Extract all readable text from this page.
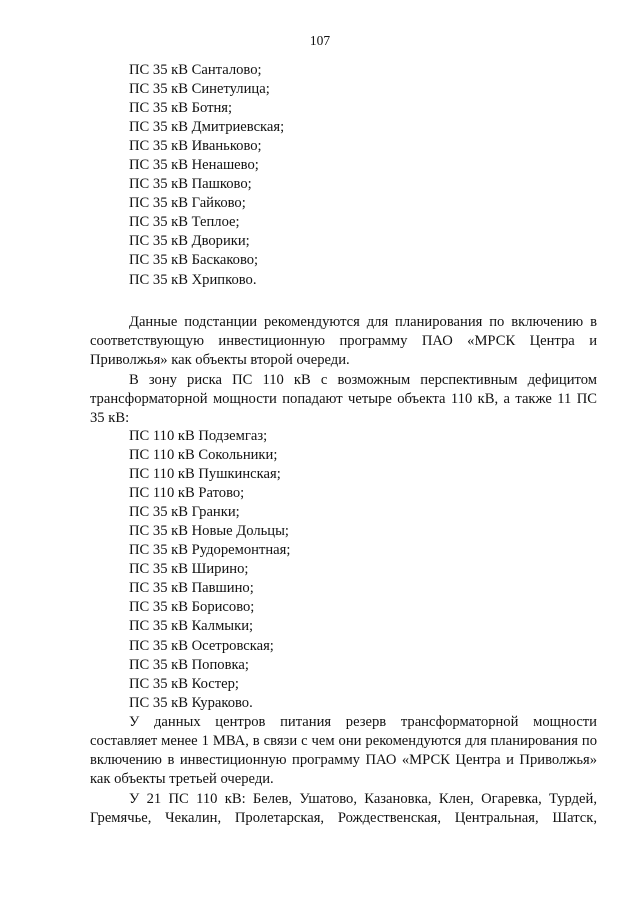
107
ПС 35 кВ Санталово;
ПС 35 кВ Синетулица;
ПС 35 кВ Ботня;
ПС 35 кВ Дмитриевская;
ПС 35 кВ Иваньково;
ПС 35 кВ Ненашево;
ПС 35 кВ Пашково;
ПС 35 кВ Гайково;
ПС 35 кВ Теплое;
ПС 35 кВ Дворики;
ПС 35 кВ Баскаково;
ПС 35 кВ Хрипково.

Данные подстанции рекомендуются для планирования по включению в соответствующую инвестиционную программу ПАО «МРСК Центра и Приволжья» как объекты второй очереди.

В зону риска ПС 110 кВ с возможным перспективным дефицитом трансформаторной мощности попадают четыре объекта 110 кВ, а также 11 ПС 35 кВ:

ПС 110 кВ Подземгаз;
ПС 110 кВ Сокольники;
ПС 110 кВ Пушкинская;
ПС 110 кВ Ратово;
ПС 35 кВ Гранки;
ПС 35 кВ Новые Дольцы;
ПС 35 кВ Рудоремонтная;
ПС 35 кВ Ширино;
ПС 35 кВ Павшино;
ПС 35 кВ Борисово;
ПС 35 кВ Калмыки;
ПС 35 кВ Осетровская;
ПС 35 кВ Поповка;
ПС 35 кВ Костер;
ПС 35 кВ Кураково.

У данных центров питания резерв трансформаторной мощности составляет менее 1 МВА, в связи с чем они рекомендуются для планирования по включению в инвестиционную программу ПАО «МРСК Центра и Приволжья» как объекты третьей очереди.

У 21 ПС 110 кВ: Белев, Ушатово, Казановка, Клен, Огаревка, Турдей, Гремячье, Чекалин, Пролетарская, Рождественская, Центральная, Шатск,
